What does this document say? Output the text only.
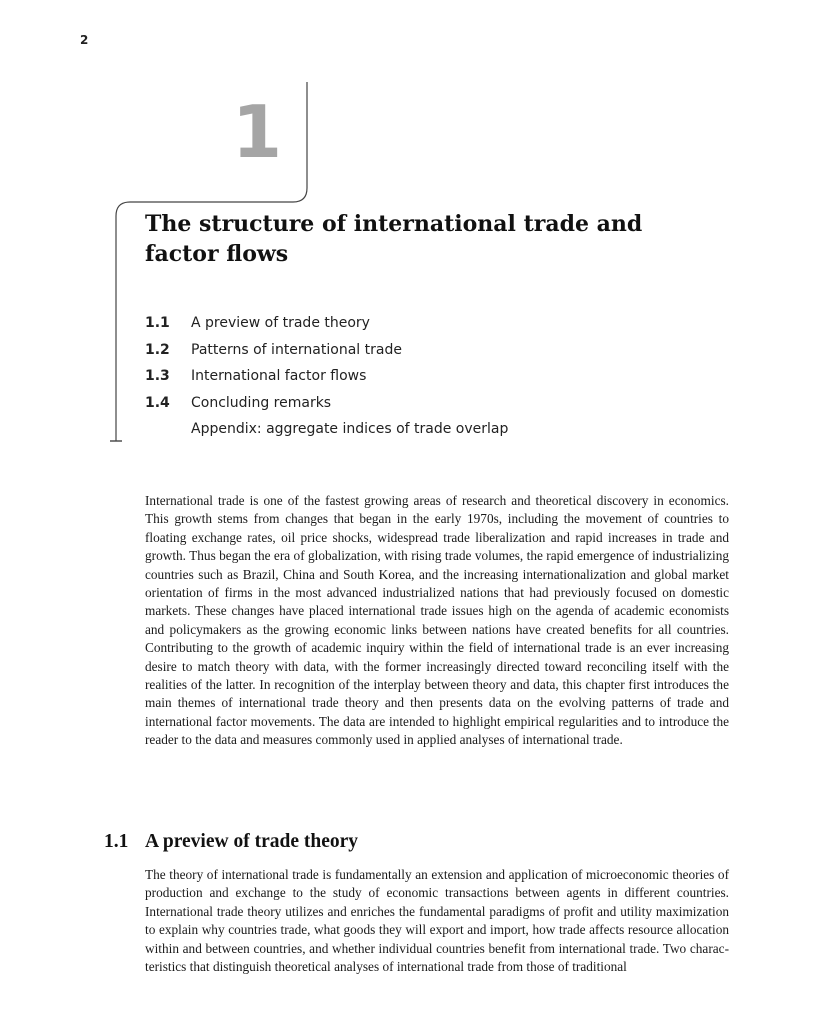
2
1
The structure of international trade and factor flows
1.1 A preview of trade theory
1.2 Patterns of international trade
1.3 International factor flows
1.4 Concluding remarks
Appendix: aggregate indices of trade overlap

International trade is one of the fastest growing areas of research and theoretical discovery in economics. This growth stems from changes that began in the early 1970s, including the movement of countries to floating exchange rates, oil price shocks, widespread trade liberalization and rapid increases in trade and growth. Thus began the era of globalization, with rising trade volumes, the rapid emergence of industrializing countries such as Brazil, China and South Korea, and the increasing internationalization and global market orientation of firms in the most advanced industrialized nations that had previously focused on domestic markets. These changes have placed international trade issues high on the agenda of academic economists and policymakers as the growing economic links between nations have created benefits for all countries. Contributing to the growth of academic inquiry within the field of international trade is an ever increasing desire to match theory with data, with the former increasingly directed toward reconciling itself with the realities of the latter. In recognition of the interplay between theory and data, this chapter first introduces the main themes of international trade theory and then presents data on the evolving patterns of trade and international factor movements. The data are intended to highlight empirical regularities and to introduce the reader to the data and measures commonly used in applied analyses of international trade.

1.1 A preview of trade theory

The theory of international trade is fundamentally an extension and application of microeconomic theories of production and exchange to the study of economic transactions between agents in different countries. International trade theory utilizes and enriches the fundamental paradigms of profit and utility maximization to explain why countries trade, what goods they will export and import, how trade affects resource allocation within and between countries, and whether individual countries benefit from international trade. Two characteristics that distinguish theoretical analyses of international trade from those of traditional
